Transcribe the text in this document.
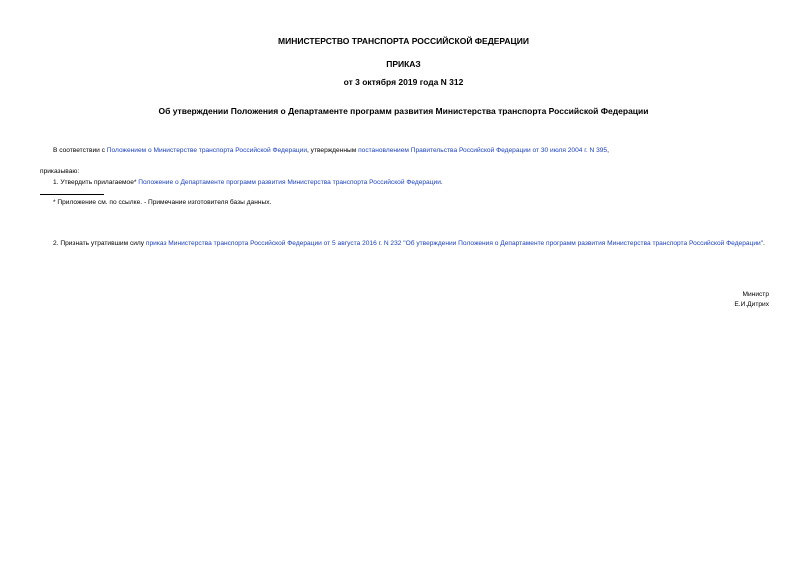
МИНИСТЕРСТВО ТРАНСПОРТА РОССИЙСКОЙ ФЕДЕРАЦИИ
ПРИКАЗ
от 3 октября 2019 года N 312
Об утверждении Положения о Департаменте программ развития Министерства транспорта Российской Федерации
В соответствии с Положением о Министерстве транспорта Российской Федерации, утвержденным постановлением Правительства Российской Федерации от 30 июля 2004 г. N 395,
приказываю:
1. Утвердить прилагаемое* Положение о Департаменте программ развития Министерства транспорта Российской Федерации.
* Приложение см. по ссылке. - Примечание изготовителя базы данных.
2. Признать утратившим силу приказ Министерства транспорта Российской Федерации от 5 августа 2016 г. N 232 "Об утверждении Положения о Департаменте программ развития Министерства транспорта Российской Федерации".
Министр
Е.И.Дитрих
